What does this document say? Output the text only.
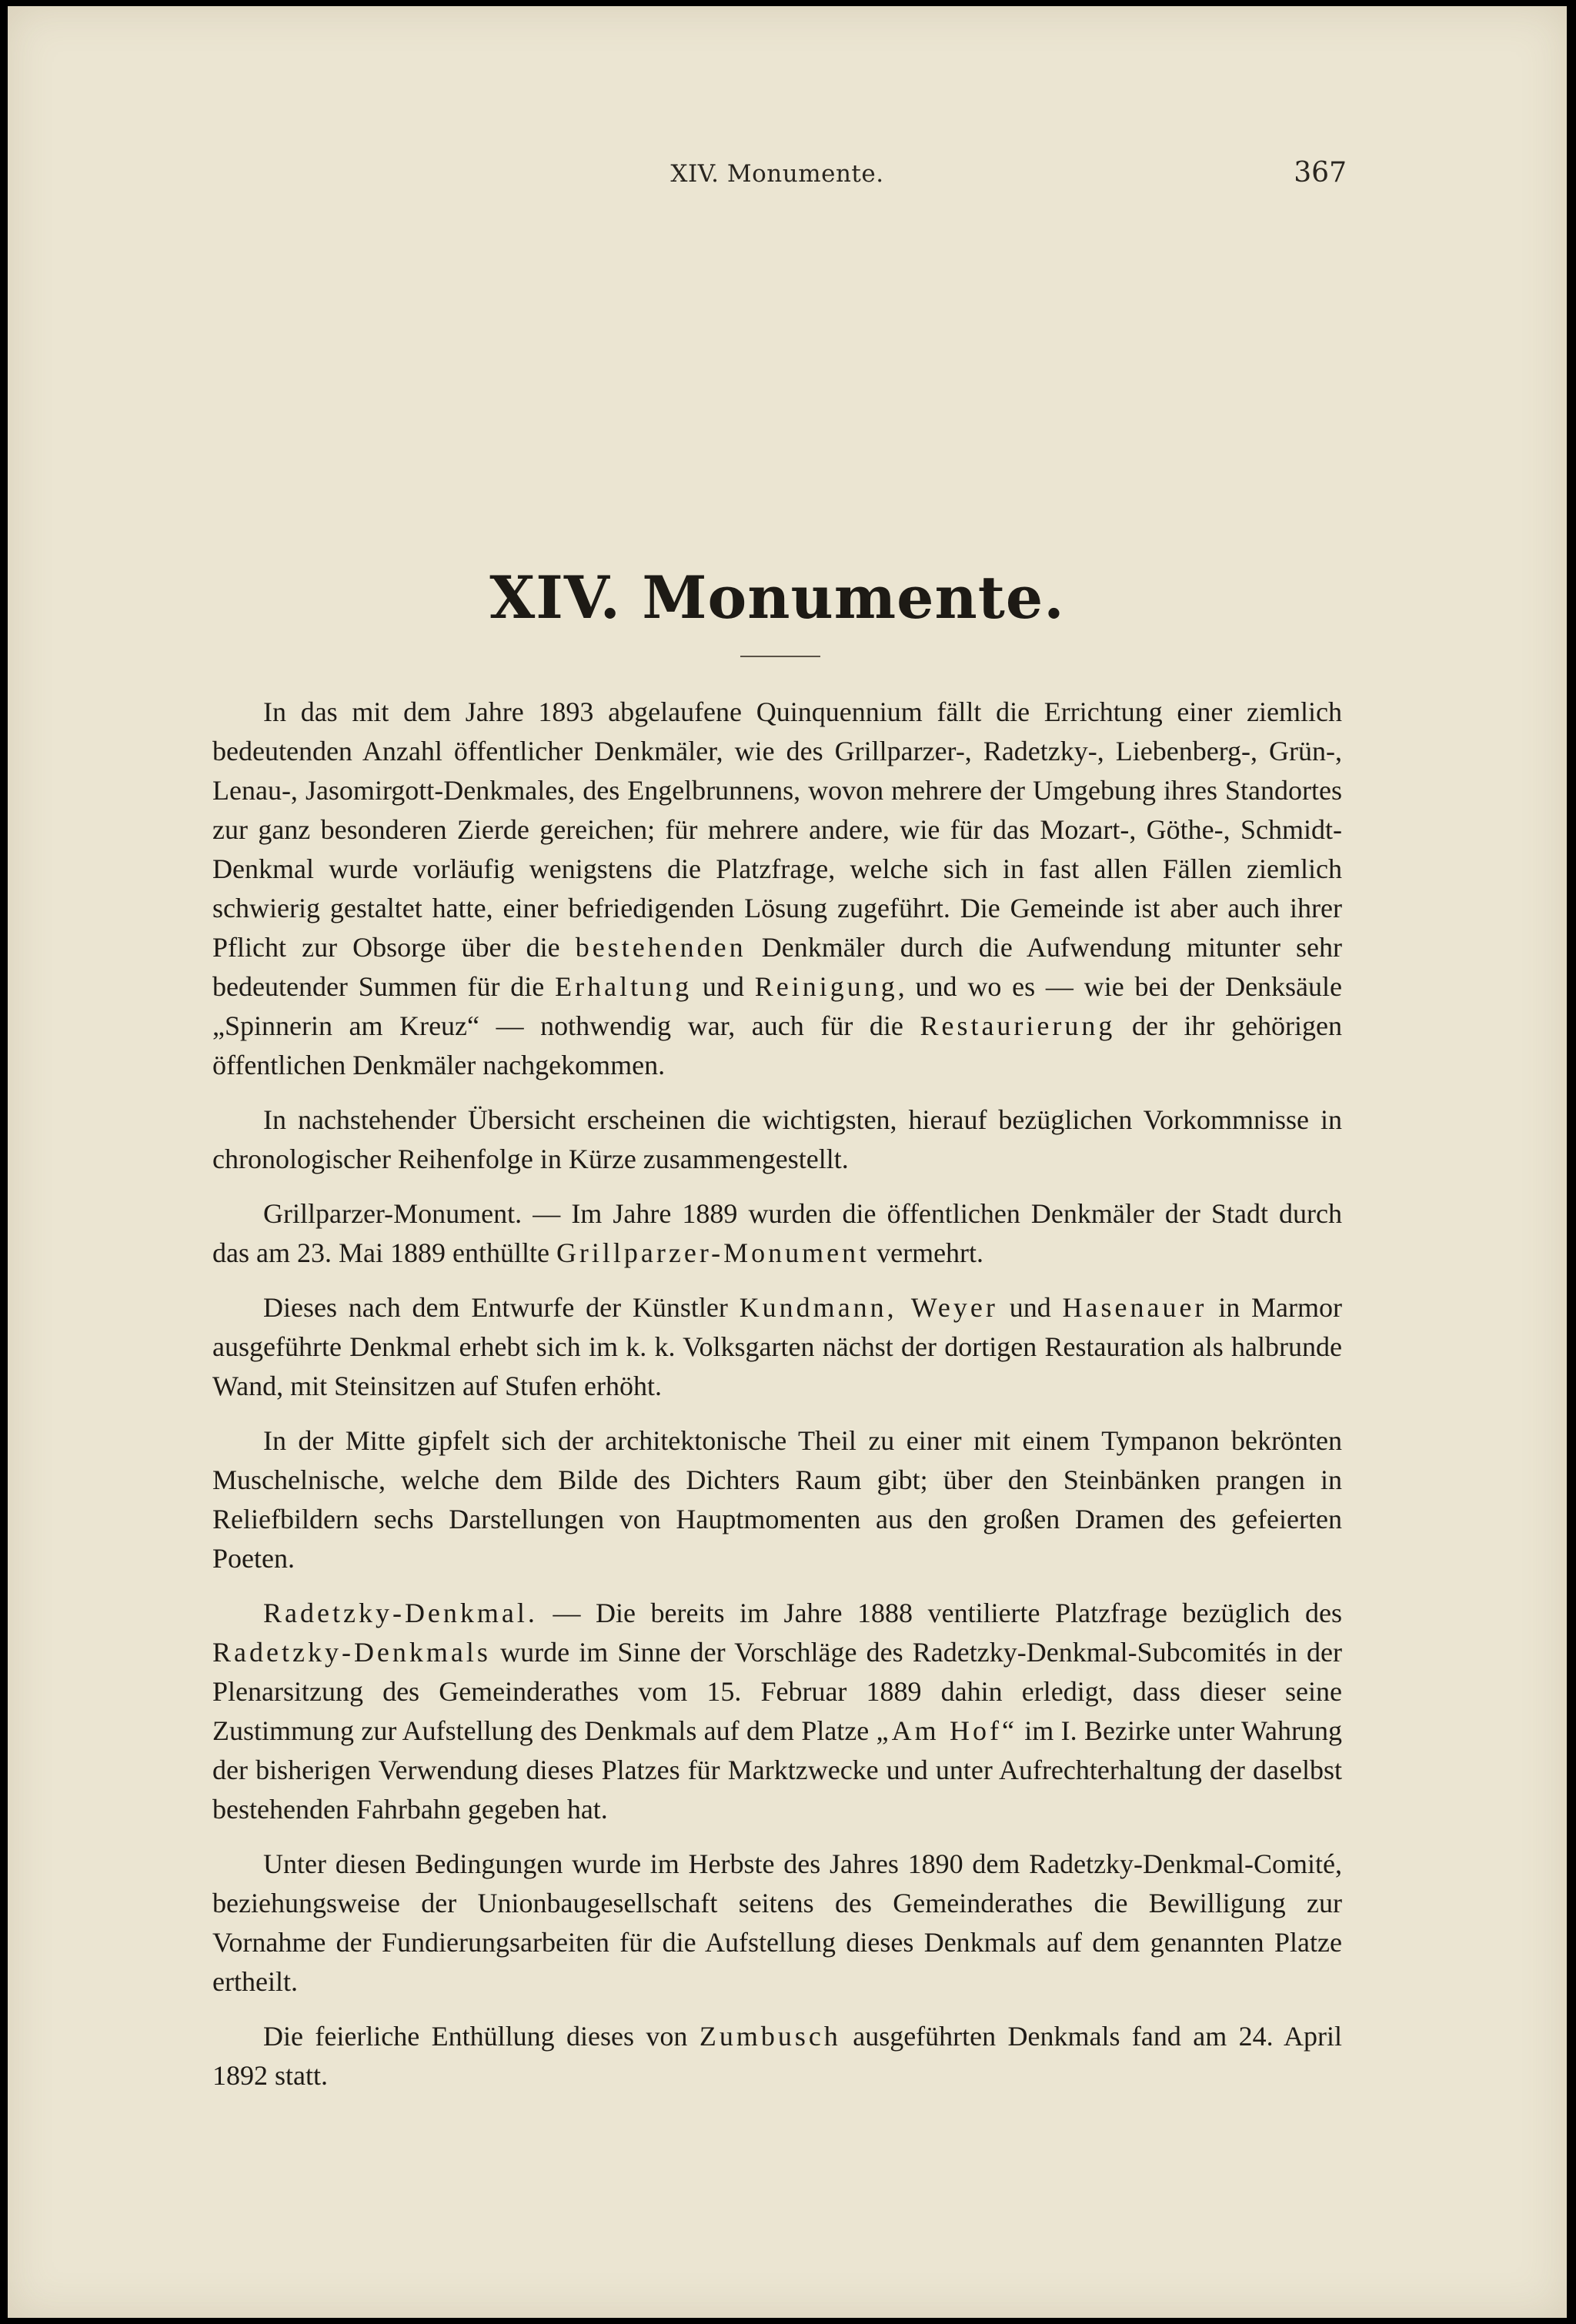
XIV. Monumente.	367
XIV. Monumente.

In das mit dem Jahre 1893 abgelaufene Quinquennium fällt die Errichtung einer ziemlich bedeutenden Anzahl öffentlicher Denkmäler, wie des Grillparzer-, Radetzky-, Liebenberg-, Grün-, Lenau-, Jasomirgott-Denkmales, des Engelbrunnens, wovon mehrere der Umgebung ihres Standortes zur ganz besonderen Zierde gereichen; für mehrere andere, wie für das Mozart-, Göthe-, Schmidt-Denkmal wurde vorläufig wenigstens die Platzfrage, welche sich in fast allen Fällen ziemlich schwierig gestaltet hatte, einer befriedigenden Lösung zugeführt. Die Gemeinde ist aber auch ihrer Pflicht zur Obsorge über die bestehenden Denkmäler durch die Aufwendung mitunter sehr bedeutender Summen für die Erhaltung und Reinigung, und wo es — wie bei der Denksäule „Spinnerin am Kreuz“ — nothwendig war, auch für die Restaurierung der ihr gehörigen öffentlichen Denkmäler nachgekommen.

In nachstehender Übersicht erscheinen die wichtigsten, hierauf bezüglichen Vorkommnisse in chronologischer Reihenfolge in Kürze zusammengestellt.

Grillparzer-Monument. — Im Jahre 1889 wurden die öffentlichen Denkmäler der Stadt durch das am 23. Mai 1889 enthüllte Grillparzer-Monument vermehrt.

Dieses nach dem Entwurfe der Künstler Kundmann, Weyer und Hasenauer in Marmor ausgeführte Denkmal erhebt sich im k. k. Volksgarten nächst der dortigen Restauration als halbrunde Wand, mit Steinsitzen auf Stufen erhöht.

In der Mitte gipfelt sich der architektonische Theil zu einer mit einem Tympanon bekrönten Muschelnische, welche dem Bilde des Dichters Raum gibt; über den Steinbänken prangen in Reliefbildern sechs Darstellungen von Hauptmomenten aus den großen Dramen des gefeierten Poeten.

Radetzky-Denkmal. — Die bereits im Jahre 1888 ventilierte Platzfrage bezüglich des Radetzky-Denkmals wurde im Sinne der Vorschläge des Radetzky-Denkmal-Subcomités in der Plenarsitzung des Gemeinderathes vom 15. Februar 1889 dahin erledigt, dass dieser seine Zustimmung zur Aufstellung des Denkmals auf dem Platze „Am Hof“ im I. Bezirke unter Wahrung der bisherigen Verwendung dieses Platzes für Marktzwecke und unter Aufrechterhaltung der daselbst bestehenden Fahrbahn gegeben hat.

Unter diesen Bedingungen wurde im Herbste des Jahres 1890 dem Radetzky-Denkmal-Comité, beziehungsweise der Unionbaugesellschaft seitens des Gemeinderathes die Bewilligung zur Vornahme der Fundierungsarbeiten für die Aufstellung dieses Denkmals auf dem genannten Platze ertheilt.

Die feierliche Enthüllung dieses von Zumbusch ausgeführten Denkmals fand am 24. April 1892 statt.
